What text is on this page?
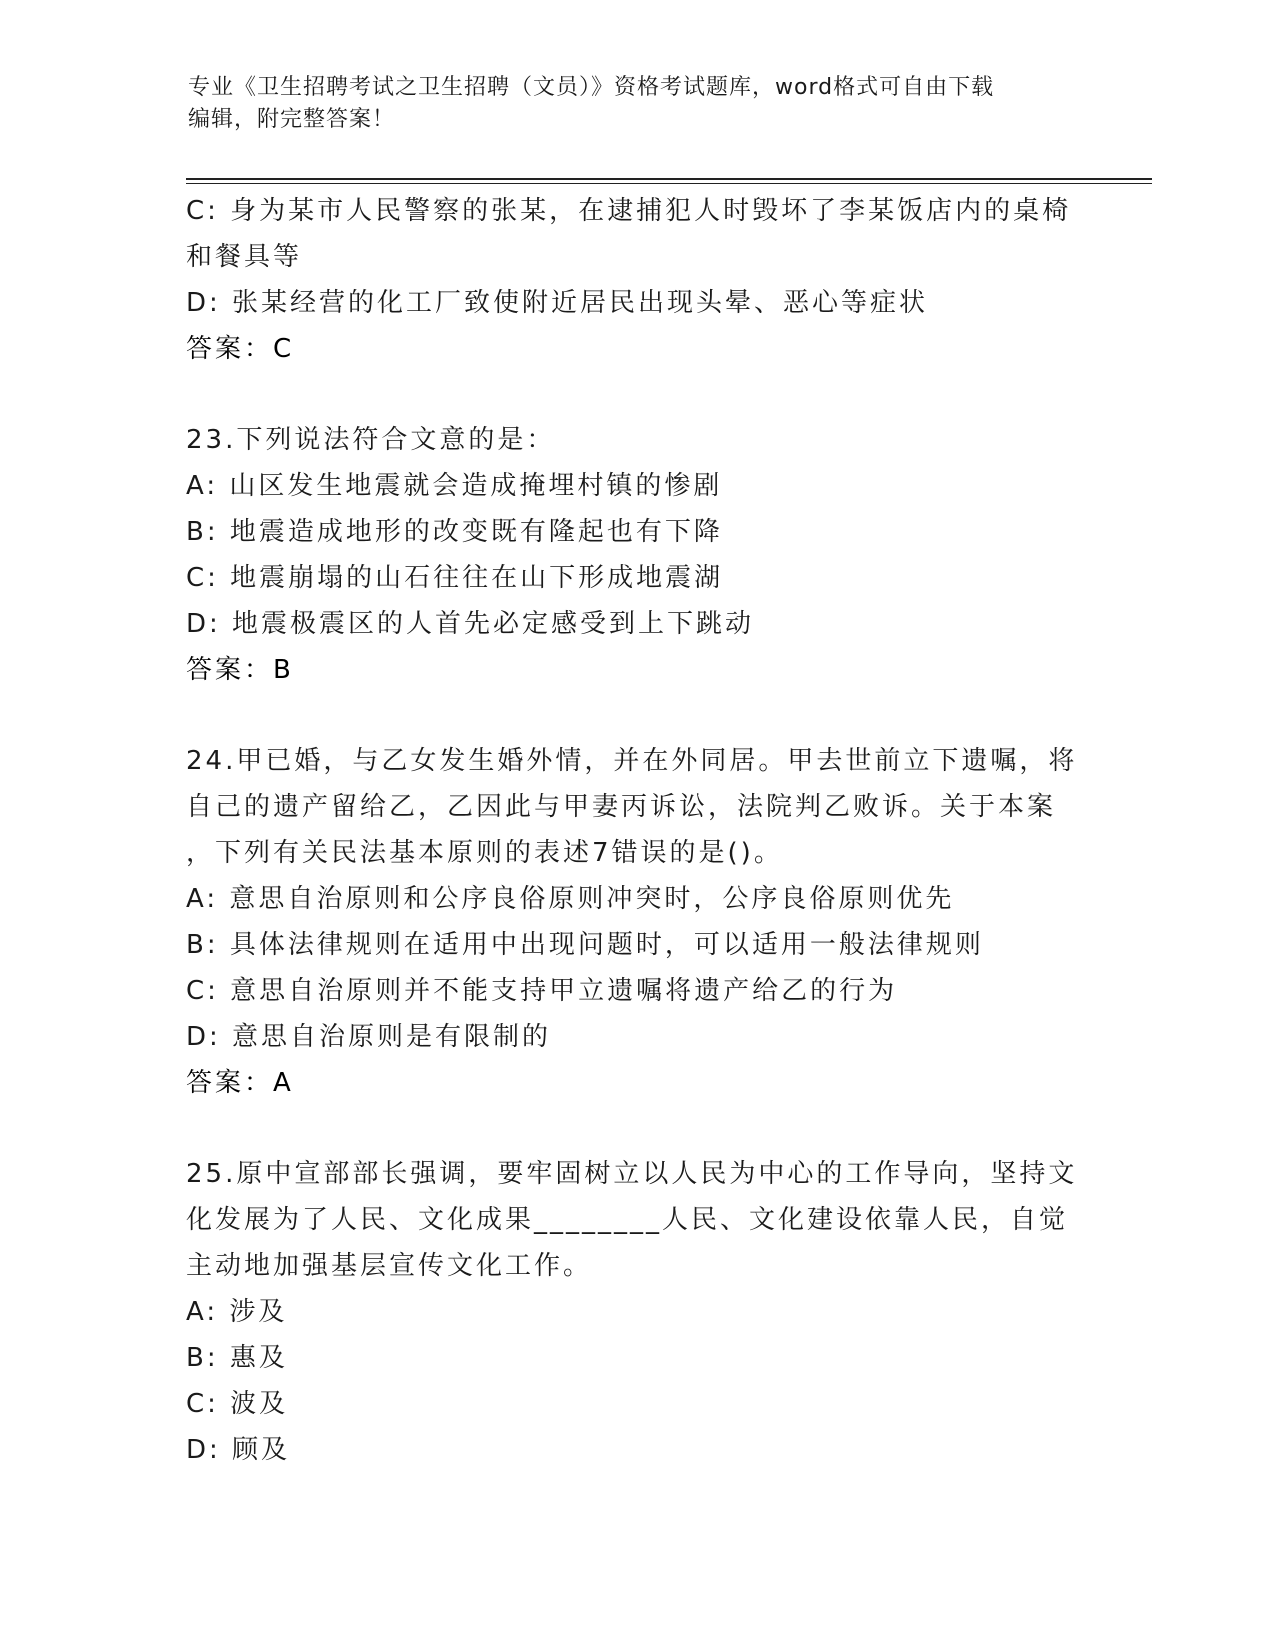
专业《卫生招聘考试之卫生招聘（文员）》资格考试题库，word格式可自由下载
编辑，附完整答案！
C: 身为某市人民警察的张某，在逮捕犯人时毁坏了李某饭店内的桌椅
和餐具等
D: 张某经营的化工厂致使附近居民出现头晕、恶心等症状
答案：C
23.下列说法符合文意的是：
A: 山区发生地震就会造成掩埋村镇的惨剧
B: 地震造成地形的改变既有隆起也有下降
C: 地震崩塌的山石往往在山下形成地震湖
D: 地震极震区的人首先必定感受到上下跳动
答案：B
24.甲已婚，与乙女发生婚外情，并在外同居。甲去世前立下遗嘱，将
自己的遗产留给乙，乙因此与甲妻丙诉讼，法院判乙败诉。关于本案
，下列有关民法基本原则的表述7错误的是()。
A: 意思自治原则和公序良俗原则冲突时，公序良俗原则优先
B: 具体法律规则在适用中出现问题时，可以适用一般法律规则
C: 意思自治原则并不能支持甲立遗嘱将遗产给乙的行为
D: 意思自治原则是有限制的
答案：A
25.原中宣部部长强调，要牢固树立以人民为中心的工作导向，坚持文
化发展为了人民、文化成果________人民、文化建设依靠人民，自觉
主动地加强基层宣传文化工作。
A: 涉及
B: 惠及
C: 波及
D: 顾及
